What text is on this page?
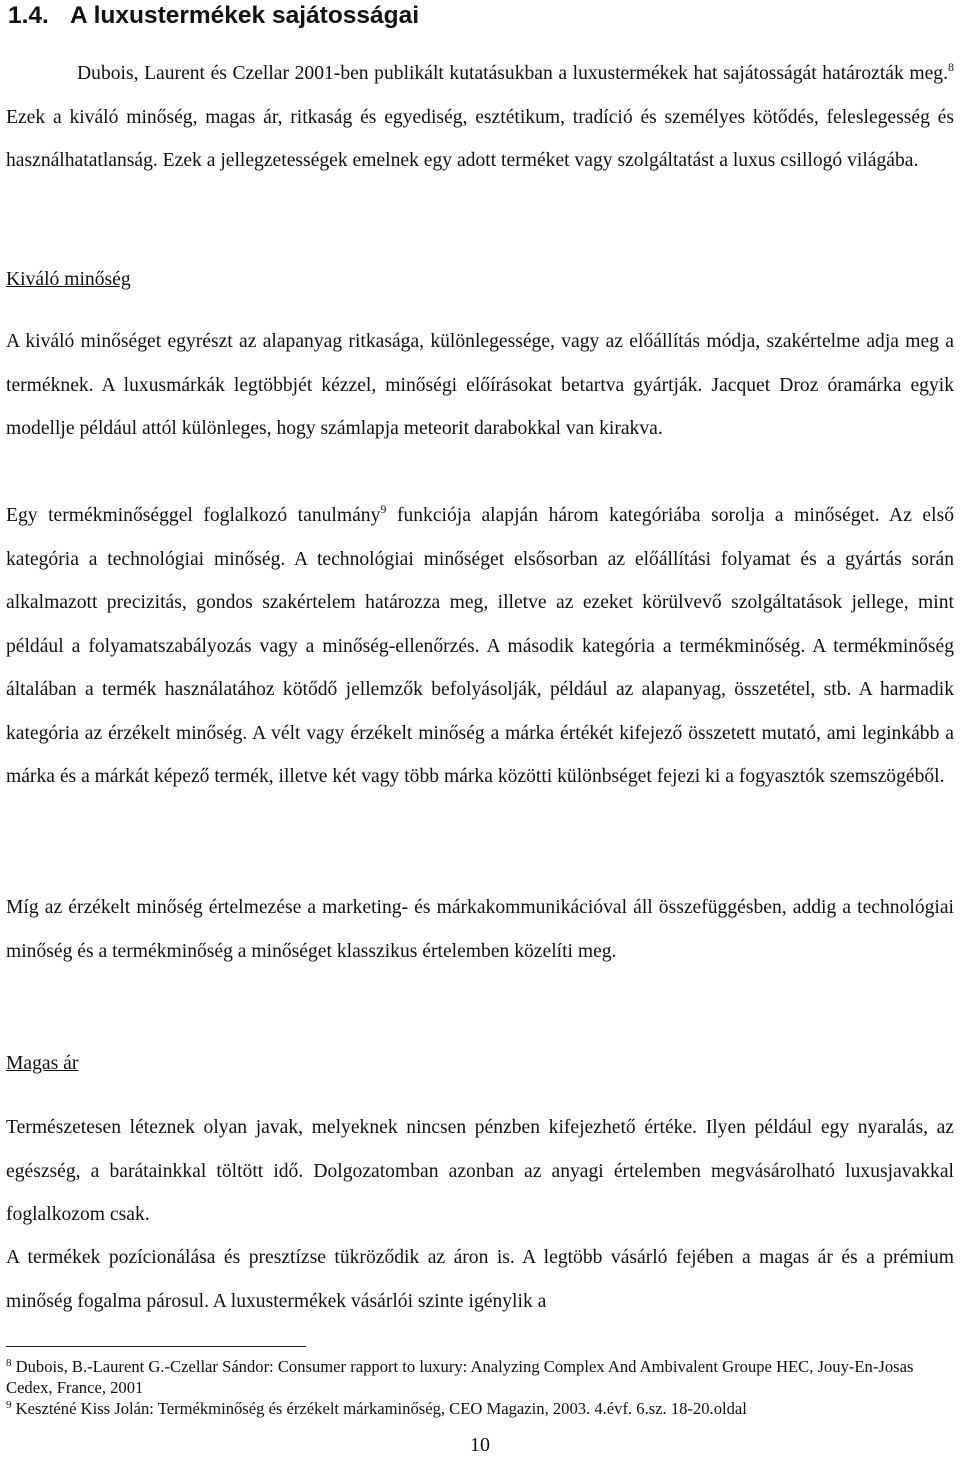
1.4. A luxustermékek sajátosságai

Dubois, Laurent és Czellar 2001-ben publikált kutatásukban a luxustermékek hat sajátosságát határozták meg.$^8$ Ezek a kiváló minőség, magas ár, ritkaság és egyediség, esztétikum, tradíció és személyes kötődés, feleslegesség és használhatatlanság. Ezek a jellegzetességek emelnek egy adott terméket vagy szolgáltatást a luxus csillogó világába.

Kiváló minőség

A kiváló minőséget egyrészt az alapanyag ritkasága, különlegessége, vagy az előállítás módja, szakértelme adja meg a terméknek. A luxusmárkák legtöbbjét kézzel, minőségi előírásokat betartva gyártják. Jacquet Droz óramárka egyik modellje például attól különleges, hogy számlapja meteorit darabokkal van kirakva.

Egy termékminőséggel foglalkozó tanulmány$^9$ funkciója alapján három kategóriába sorolja a minőséget. Az első kategória a technológiai minőség. A technológiai minőséget elsősorban az előállítási folyamat és a gyártás során alkalmazott precizitás, gondos szakértelem határozza meg, illetve az ezeket körülvevő szolgáltatások jellege, mint például a folyamatszabályozás vagy a minőség-ellenőrzés. A második kategória a termékminőség. A termékminőség általában a termék használatához kötődő jellemzők befolyásolják, például az alapanyag, összetétel, stb. A harmadik kategória az érzékelt minőség. A vélt vagy érzékelt minőség a márka értékét kifejező összetett mutató, ami leginkább a márka és a márkát képező termék, illetve két vagy több márka közötti különbséget fejezi ki a fogyasztók szemszögéből.

Míg az érzékelt minőség értelmezése a marketing- és márkakommunikációval áll összefüggésben, addig a technológiai minőség és a termékminőség a minőséget klasszikus értelemben közelíti meg.

Magas ár

Természetesen léteznek olyan javak, melyeknek nincsen pénzben kifejezhető értéke. Ilyen például egy nyaralás, az egészség, a barátainkkal töltött idő. Dolgozatomban azonban az anyagi értelemben megvásárolható luxusjavakkal foglalkozom csak.

A termékek pozícionálása és presztízse tükröződik az áron is. A legtöbb vásárló fejében a magas ár és a prémium minőség fogalma párosul. A luxustermékek vásárlói szinte igénylik a

$^8$ Dubois, B.-Laurent G.-Czellar Sándor: Consumer rapport to luxury: Analyzing Complex And Ambivalent Groupe HEC, Jouy-En-Josas Cedex, France, 2001

$^9$ Keszténé Kiss Jolán: Termékminőség és érzékelt márkaminőség, CEO Magazin, 2003. 4.évf. 6.sz. 18-20.oldal

10
